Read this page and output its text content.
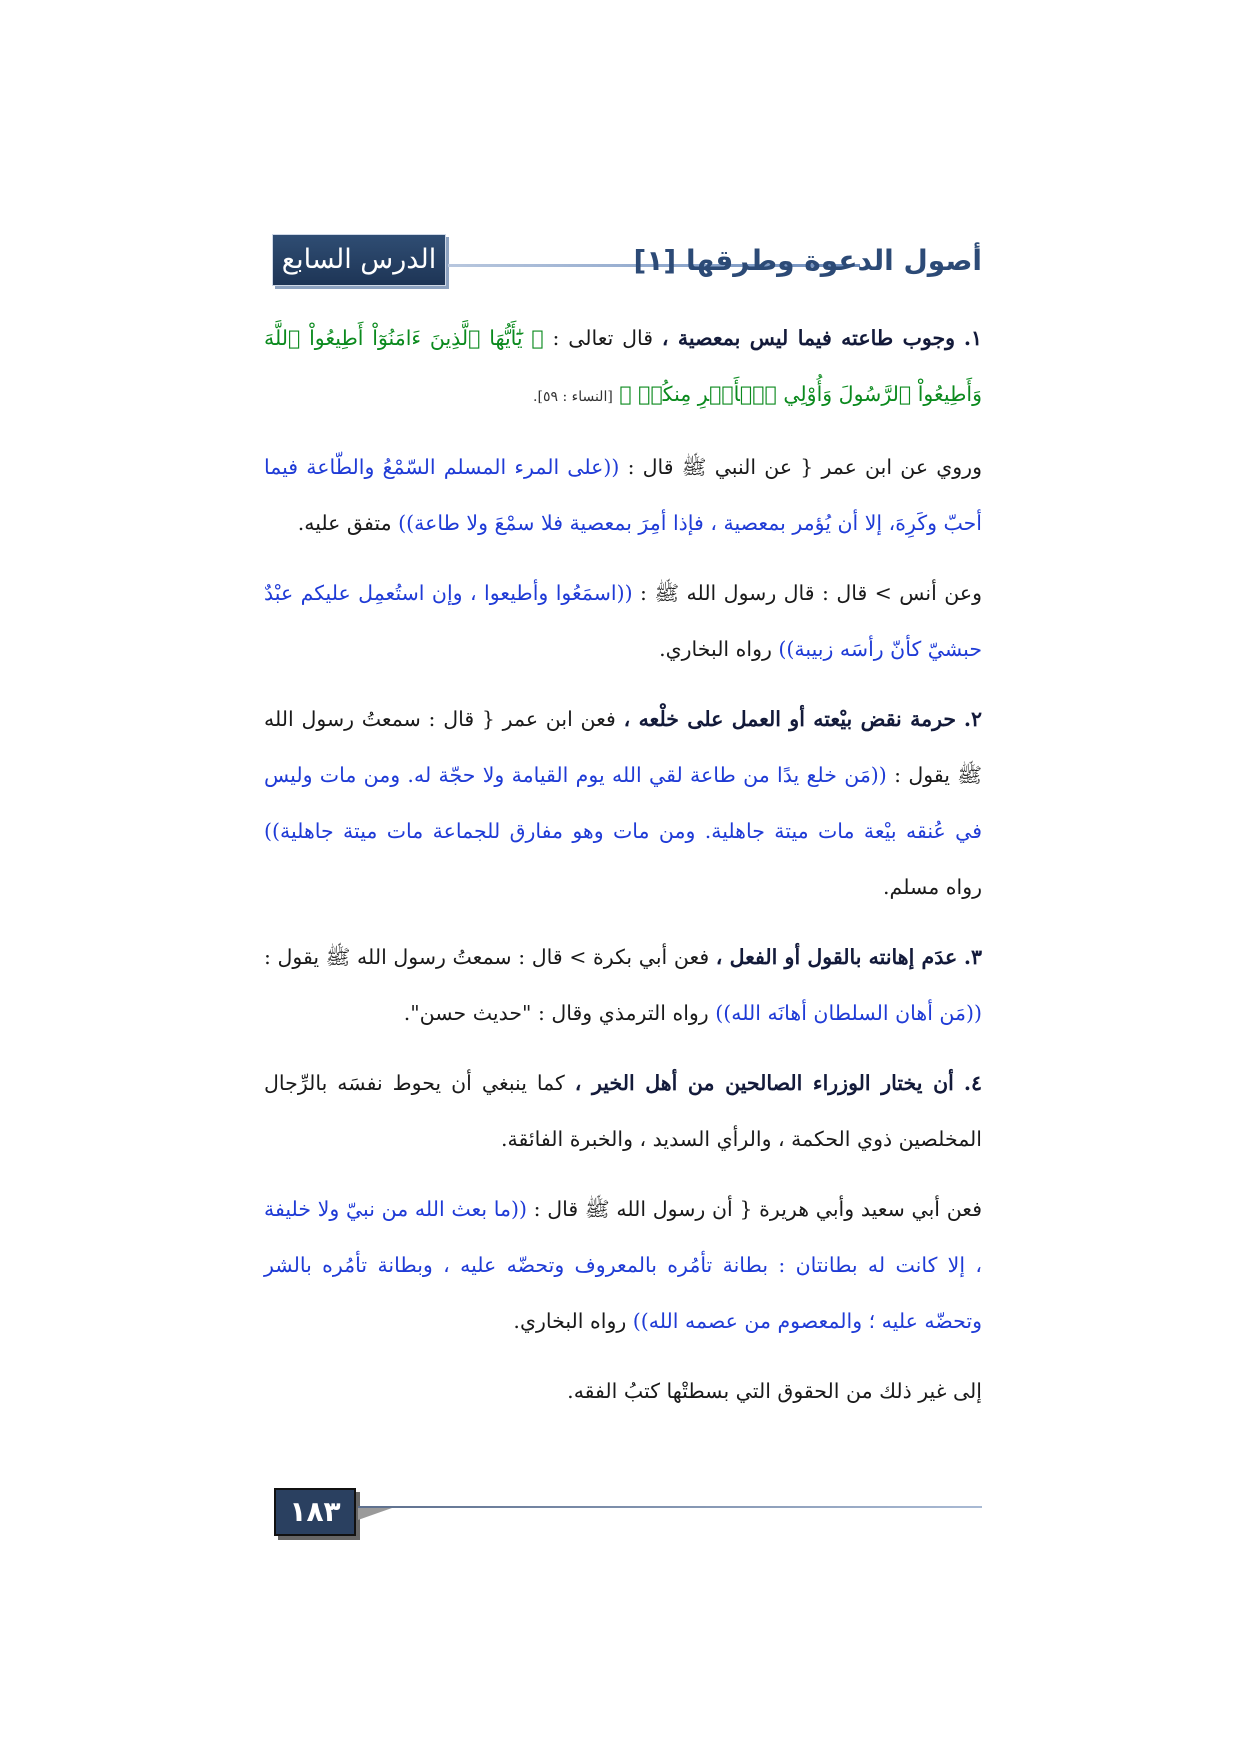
الدرس السابع	أصول الدعوة وطرقها [١]

١. وجوب طاعته فيما ليس بمعصية ، قال تعالى : ﴿ يَٰٓأَيُّهَا ٱلَّذِينَ ءَامَنُوٓاْ أَطِيعُواْ ٱللَّهَ وَأَطِيعُواْ ٱلرَّسُولَ وَأُوْلِي ٱلۡأَمۡرِ مِنكُمۡ ﴾ [النساء : ٥٩].

وروي عن ابن عمر { عن النبي ﷺ قال : ((على المرء المسلم السّمْعُ والطّاعة فيما أحبّ وكَرِهَ، إلا أن يُؤمر بمعصية ، فإذا أمِرَ بمعصية فلا سمْعَ ولا طاعة)) متفق عليه.

وعن أنس > قال : قال رسول الله ﷺ : ((اسمَعُوا وأطيعوا ، وإن استُعمِل عليكم عبْدٌ حبشيّ كأنّ رأسَه زبيبة)) رواه البخاري.

٢. حرمة نقض بيْعته أو العمل على خلْعه ، فعن ابن عمر { قال : سمعتُ رسول الله ﷺ يقول : ((مَن خلع يدًا من طاعة لقي الله يوم القيامة ولا حجّة له. ومن مات وليس في عُنقه بيْعة مات ميتة جاهلية. ومن مات وهو مفارق للجماعة مات ميتة جاهلية)) رواه مسلم.

٣. عدَم إهانته بالقول أو الفعل ، فعن أبي بكرة > قال : سمعتُ رسول الله ﷺ يقول : ((مَن أهان السلطان أهانَه الله)) رواه الترمذي وقال : "حديث حسن".

٤. أن يختار الوزراء الصالحين من أهل الخير ، كما ينبغي أن يحوط نفسَه بالرِّجال المخلصين ذوي الحكمة ، والرأي السديد ، والخبرة الفائقة.

فعن أبي سعيد وأبي هريرة { أن رسول الله ﷺ قال : ((ما بعث الله من نبيّ ولا خليفة ، إلا كانت له بطانتان : بطانة تأمُره بالمعروف وتحضّه عليه ، وبطانة تأمُره بالشر وتحضّه عليه ؛ والمعصوم من عصمه الله)) رواه البخاري.

إلى غير ذلك من الحقوق التي بسطتْها كتبُ الفقه.

١٨٣
